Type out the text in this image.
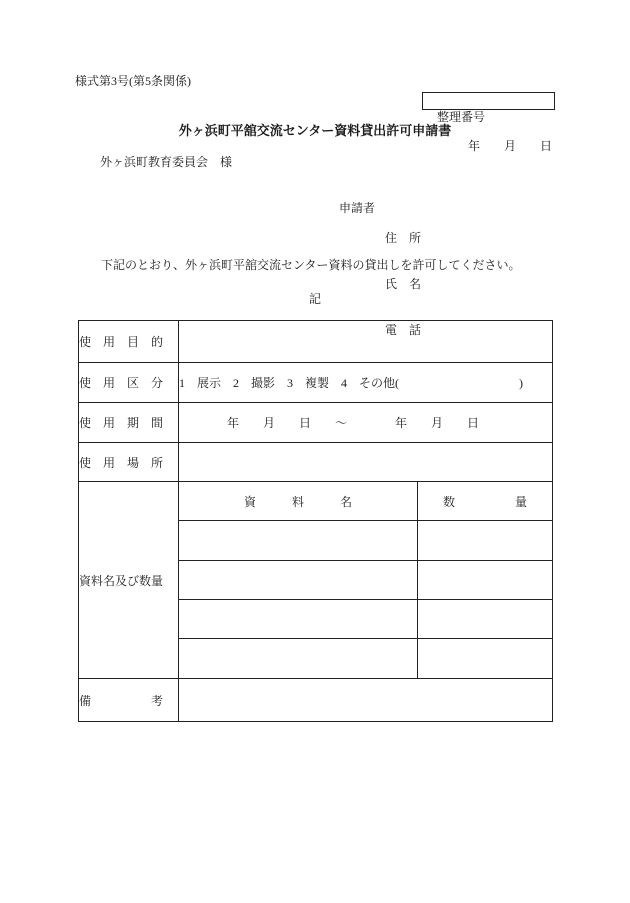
様式第3号(第5条関係)

整理番号

外ヶ浜町平舘交流センター資料貸出許可申請書
年　　月　　日
外ヶ浜町教育委員会　様
申請者

住　所

氏　名

電　話

下記のとおり、外ヶ浜町平舘交流センター資料の貸出しを許可してください。
記
使　用　目　的		
使　用　区　分	1　展示　2　撮影　3　複製　4　その他(　　　　　　　　　　)	
使　用　期　間	　　　　年　　月　　日　　～　　　　年　　月　　日	
使　用　場　所		
資料名及び数量	資　　　料　　　名	数　　　　　量

備　　　　　考		
